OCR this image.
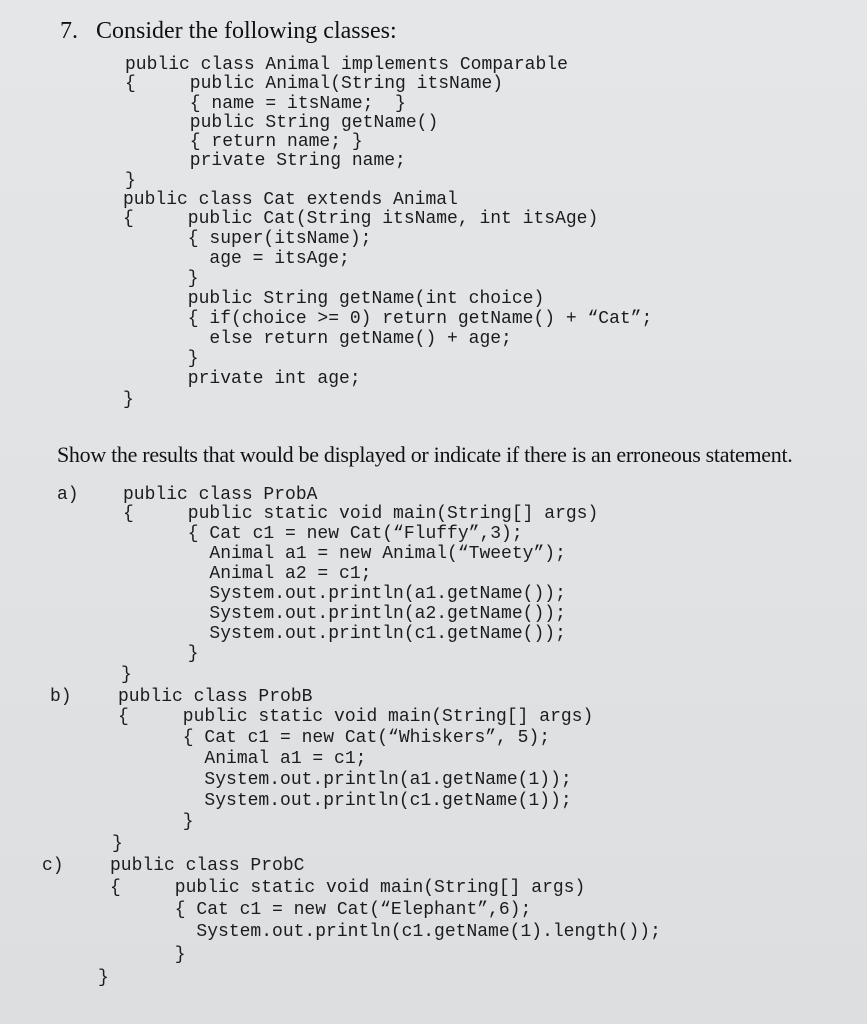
7. Consider the following classes:
public class Animal implements Comparable
{     public Animal(String itsName)
{ name = itsName;  }
public String getName()
{ return name; }
private String name;
}
public class Cat extends Animal
{     public Cat(String itsName, int itsAge)
{ super(itsName);
age = itsAge;
}
public String getName(int choice)
{ if(choice >= 0) return getName() + “Cat”;
else return getName() + age;
}
private int age;
}
Show the results that would be displayed or indicate if there is an erroneous statement.
a) public class ProbA
{     public static void main(String[] args)
{ Cat c1 = new Cat(“Fluffy”,3);
Animal a1 = new Animal(“Tweety”);
Animal a2 = c1;
System.out.println(a1.getName());
System.out.println(a2.getName());
System.out.println(c1.getName());
}
}
b)	public class ProbB
{     public static void main(String[] args)
{ Cat c1 = new Cat(“Whiskers”, 5);
Animal a1 = c1;
System.out.println(a1.getName(1));
System.out.println(c1.getName(1));
}
}
c)	public class ProbC
{     public static void main(String[] args)
{ Cat c1 = new Cat(“Elephant”,6);
System.out.println(c1.getName(1).length());
}
}
